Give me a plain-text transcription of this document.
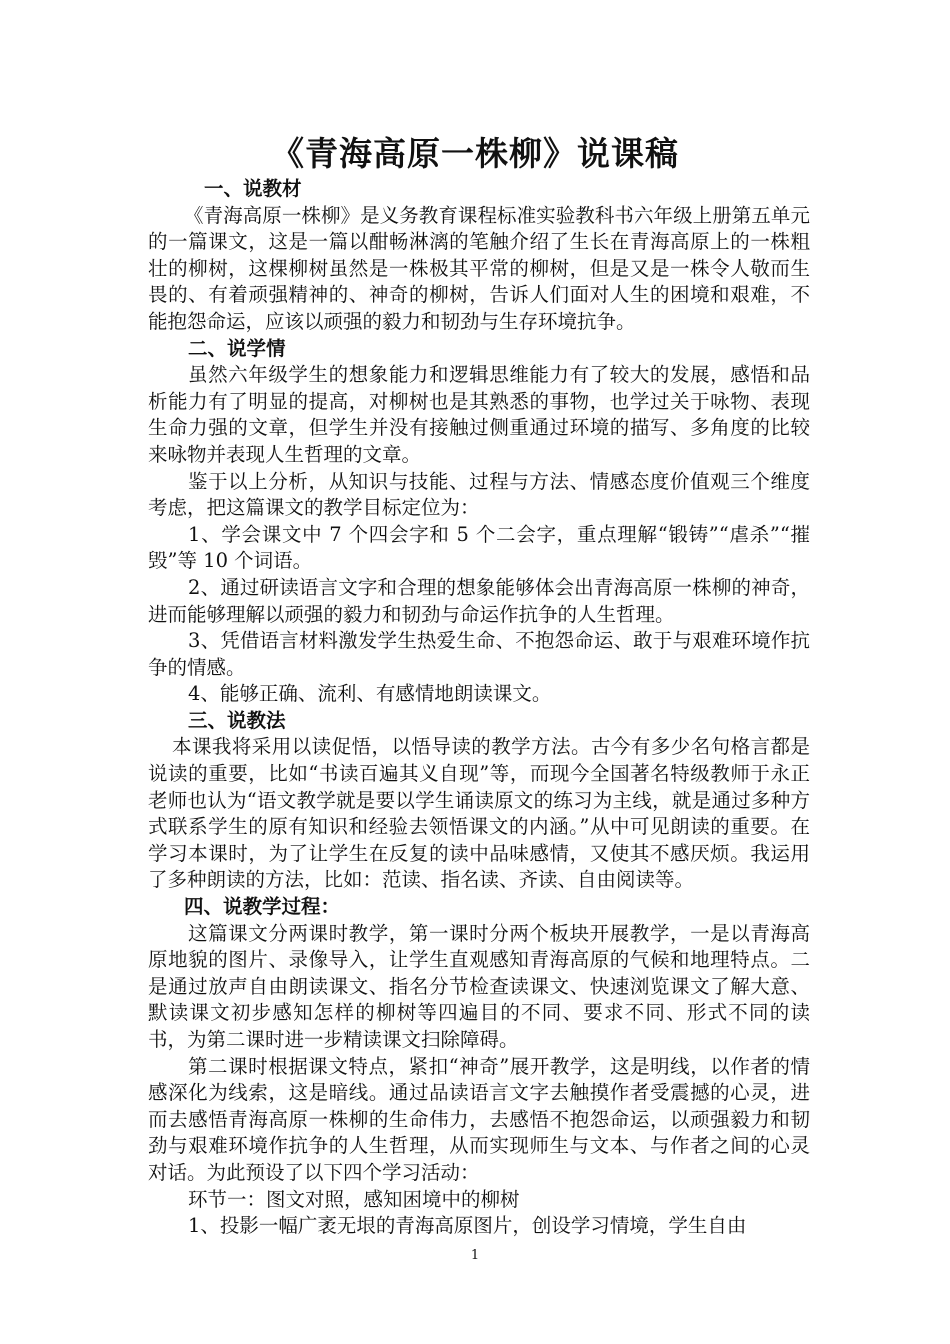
《青海高原一株柳》说课稿

一、说教材

《青海高原一株柳》是义务教育课程标准实验教科书六年级上册第五单元的一篇课文，这是一篇以酣畅淋漓的笔触介绍了生长在青海高原上的一株粗壮的柳树，这棵柳树虽然是一株极其平常的柳树，但是又是一株令人敬而生畏的、有着顽强精神的、神奇的柳树，告诉人们面对人生的困境和艰难，不能抱怨命运，应该以顽强的毅力和韧劲与生存环境抗争。

二、说学情

虽然六年级学生的想象能力和逻辑思维能力有了较大的发展，感悟和品析能力有了明显的提高，对柳树也是其熟悉的事物，也学过关于咏物、表现生命力强的文章，但学生并没有接触过侧重通过环境的描写、多角度的比较来咏物并表现人生哲理的文章。

鉴于以上分析，从知识与技能、过程与方法、情感态度价值观三个维度考虑，把这篇课文的教学目标定位为：

1、学会课文中 7 个四会字和 5 个二会字，重点理解“锻铸”“虐杀”“摧毁”等 10 个词语。

2、通过研读语言文字和合理的想象能够体会出青海高原一株柳的神奇，进而能够理解以顽强的毅力和韧劲与命运作抗争的人生哲理。

3、凭借语言材料激发学生热爱生命、不抱怨命运、敢于与艰难环境作抗争的情感。

4、能够正确、流利、有感情地朗读课文。

三、说教法

本课我将采用以读促悟，以悟导读的教学方法。古今有多少名句格言都是说读的重要，比如“书读百遍其义自现”等，而现今全国著名特级教师于永正老师也认为“语文教学就是要以学生诵读原文的练习为主线，就是通过多种方式联系学生的原有知识和经验去领悟课文的内涵。”从中可见朗读的重要。在学习本课时，为了让学生在反复的读中品味感情，又使其不感厌烦。我运用了多种朗读的方法，比如：范读、指名读、齐读、自由阅读等。

四、说教学过程：

这篇课文分两课时教学，第一课时分两个板块开展教学，一是以青海高原地貌的图片、录像导入，让学生直观感知青海高原的气候和地理特点。二是通过放声自由朗读课文、指名分节检查读课文、快速浏览课文了解大意、默读课文初步感知怎样的柳树等四遍目的不同、要求不同、形式不同的读书，为第二课时进一步精读课文扫除障碍。

第二课时根据课文特点，紧扣“神奇”展开教学，这是明线，以作者的情感深化为线索，这是暗线。通过品读语言文字去触摸作者受震撼的心灵，进而去感悟青海高原一株柳的生命伟力，去感悟不抱怨命运，以顽强毅力和韧劲与艰难环境作抗争的人生哲理，从而实现师生与文本、与作者之间的心灵对话。为此预设了以下四个学习活动：

环节一：图文对照，感知困境中的柳树

1、投影一幅广袤无垠的青海高原图片，创设学习情境，学生自由

1
